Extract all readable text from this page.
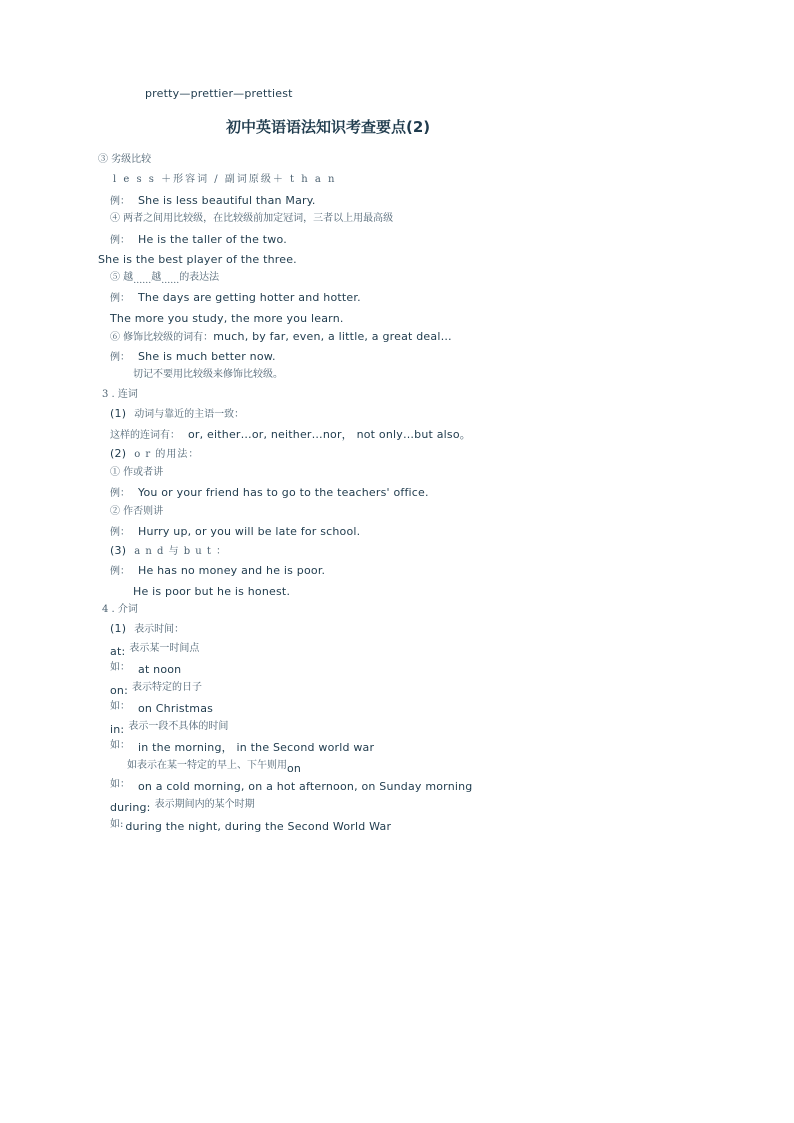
pretty—prettier—prettiest
初中英语语法知识考查要点(2)
③ 劣级比较
l e s s ＋形容词 / 副词原级＋ t h a n
例： She is less beautiful than Mary.
④ 两者之间用比较级，在比较级前加定冠词，三者以上用最高级
例： He is the taller of the two.
She is the best player of the three.
⑤ 越……越……的表达法
例： The days are getting hotter and hotter.
The more you study, the more you learn.
⑥ 修饰比较级的词有：much, by far, even, a little, a great deal…
例： She is much better now.
切记不要用比较级来修饰比较级。
3 . 连词
(1) 动词与靠近的主语一致：
这样的连词有： or, either…or, neither…nor， not only…but also。
(2) o r 的用法：
① 作或者讲
例： You or your friend has to go to the teachers' office.
② 作否则讲
例： Hurry up, or you will be late for school.
(3) a n d 与 b u t ：
例： He has no money and he is poor.
He is poor but he is honest.
4 . 介词
(1) 表示时间：
at: 表示某一时间点
如： at noon
on: 表示特定的日子
如： on Christmas
in: 表示一段不具体的时间
如： in the morning， in the Second world war
如表示在某一特定的早上、下午则用on
如： on a cold morning, on a hot afternoon, on Sunday morning
during: 表示期间内的某个时期
如: during the night, during the Second World War
